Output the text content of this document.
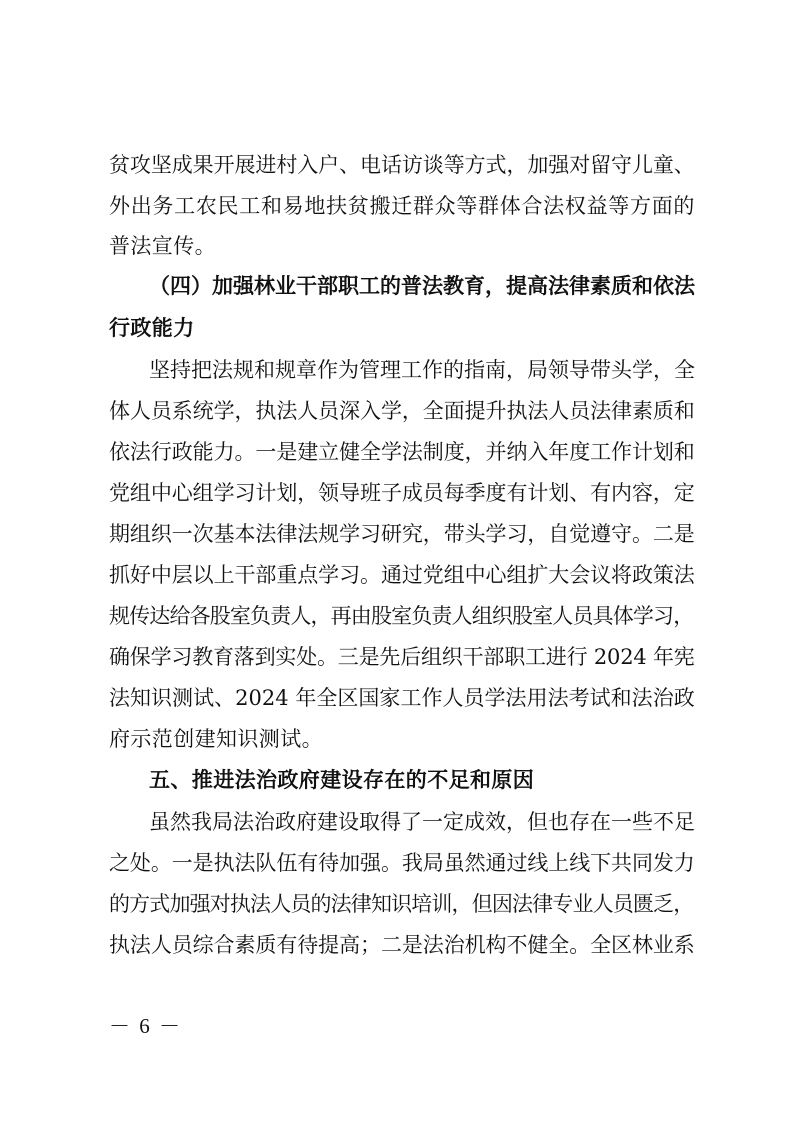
贫攻坚成果开展进村入户、电话访谈等方式，加强对留守儿童、
外出务工农民工和易地扶贫搬迁群众等群体合法权益等方面的
普法宣传。
（四）加强林业干部职工的普法教育，提高法律素质和依法
行政能力
坚持把法规和规章作为管理工作的指南，局领导带头学，全
体人员系统学，执法人员深入学，全面提升执法人员法律素质和
依法行政能力。一是建立健全学法制度，并纳入年度工作计划和
党组中心组学习计划，领导班子成员每季度有计划、有内容，定
期组织一次基本法律法规学习研究，带头学习，自觉遵守。二是
抓好中层以上干部重点学习。通过党组中心组扩大会议将政策法
规传达给各股室负责人，再由股室负责人组织股室人员具体学习，
确保学习教育落到实处。三是先后组织干部职工进行 2024 年宪
法知识测试、2024 年全区国家工作人员学法用法考试和法治政
府示范创建知识测试。
五、推进法治政府建设存在的不足和原因
虽然我局法治政府建设取得了一定成效，但也存在一些不足
之处。一是执法队伍有待加强。我局虽然通过线上线下共同发力
的方式加强对执法人员的法律知识培训，但因法律专业人员匮乏，
执法人员综合素质有待提高；二是法治机构不健全。全区林业系
－ 6 －
